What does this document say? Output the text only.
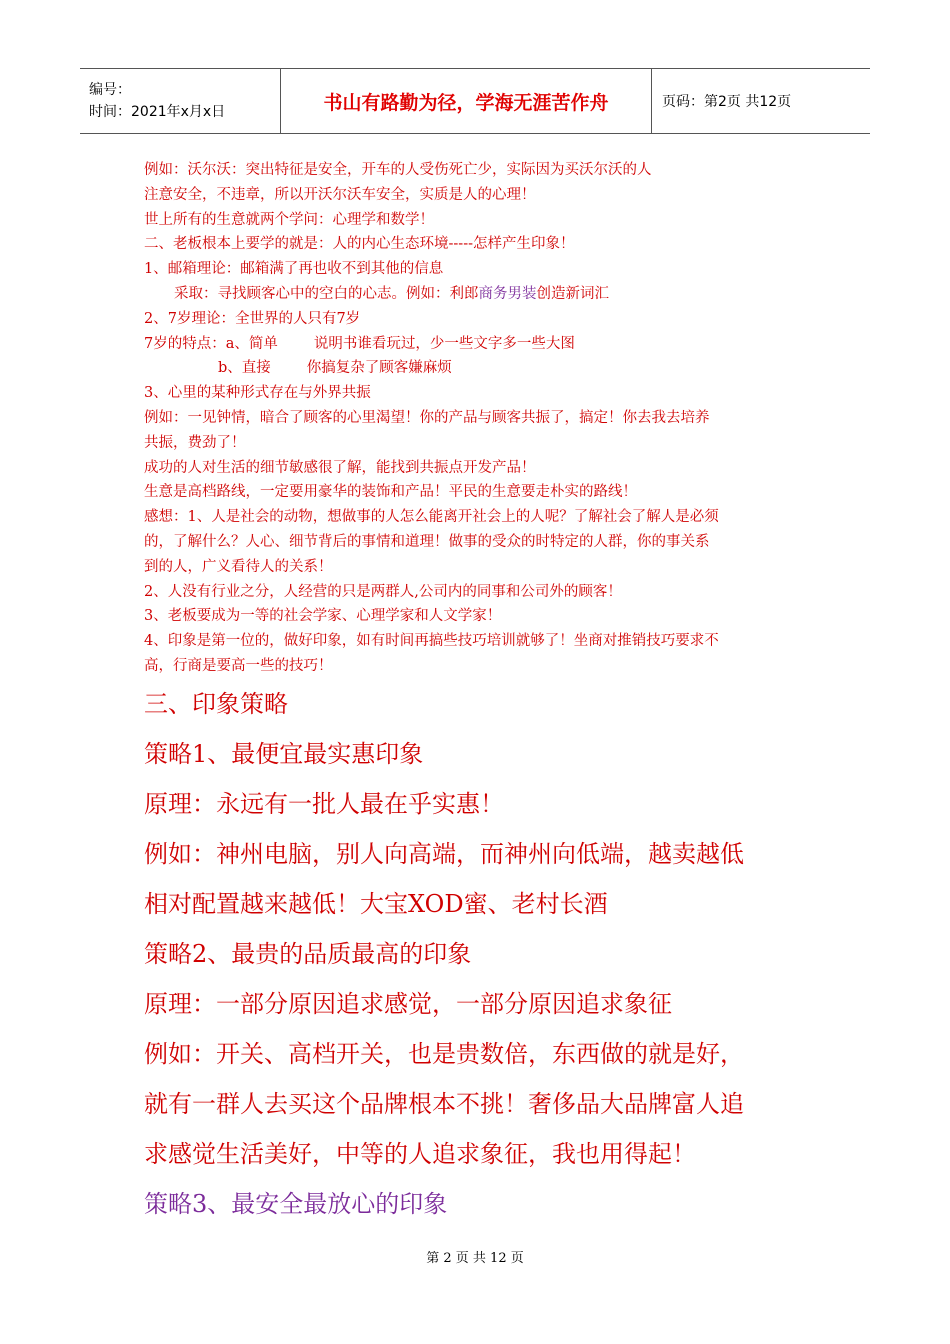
编号：
时间：2021年x月x日	书山有路勤为径，学海无涯苦作舟	页码：第2页 共12页

例如：沃尔沃：突出特征是安全，开车的人受伤死亡少，实际因为买沃尔沃的人

注意安全，不违章，所以开沃尔沃车安全，实质是人的心理！

世上所有的生意就两个学问：心理学和数学！

二、老板根本上要学的就是：人的内心生态环境-----怎样产生印象！

1、邮箱理论：邮箱满了再也收不到其他的信息

采取：寻找顾客心中的空白的心志。例如：利郎商务男装创造新词汇

2、7岁理论：全世界的人只有7岁

7岁的特点：a、简单 说明书谁看玩过，少一些文字多一些大图

b、直接 你搞复杂了顾客嫌麻烦

3、心里的某种形式存在与外界共振

例如：一见钟情，暗合了顾客的心里渴望！你的产品与顾客共振了，搞定！你去我去培养

共振，费劲了！

成功的人对生活的细节敏感很了解，能找到共振点开发产品！

生意是高档路线，一定要用豪华的装饰和产品！平民的生意要走朴实的路线！

感想：1、人是社会的动物，想做事的人怎么能离开社会上的人呢？了解社会了解人是必须

的，了解什么？人心、细节背后的事情和道理！做事的受众的时特定的人群，你的事关系

到的人，广义看待人的关系！

2、人没有行业之分，人经营的只是两群人,公司内的同事和公司外的顾客！

3、老板要成为一等的社会学家、心理学家和人文学家！

4、印象是第一位的，做好印象，如有时间再搞些技巧培训就够了！坐商对推销技巧要求不

高，行商是要高一些的技巧！

三、印象策略

策略1、最便宜最实惠印象

原理：永远有一批人最在乎实惠！

例如：神州电脑，别人向高端，而神州向低端，越卖越低

相对配置越来越低！大宝XOD蜜、老村长酒

策略2、最贵的品质最高的印象

原理：一部分原因追求感觉，一部分原因追求象征

例如：开关、高档开关，也是贵数倍，东西做的就是好，

就有一群人去买这个品牌根本不挑！奢侈品大品牌富人追

求感觉生活美好，中等的人追求象征，我也用得起！

策略3、最安全最放心的印象

第 2 页 共 12 页
